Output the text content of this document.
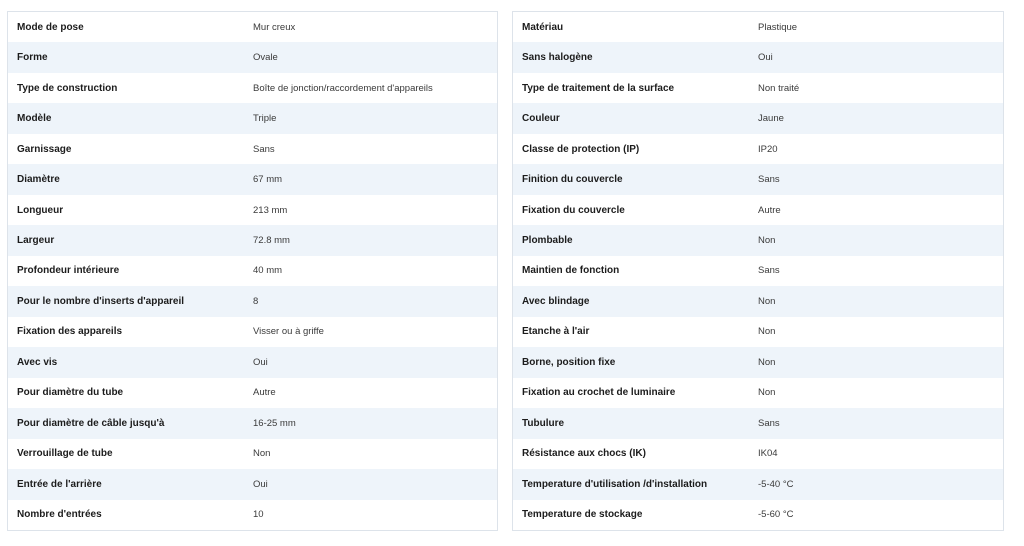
Mode de pose	Mur creux
Forme	Ovale
Type de construction	Boîte de jonction/raccordement d'appareils
Modèle	Triple
Garnissage	Sans
Diamètre	67 mm
Longueur	213 mm
Largeur	72.8 mm
Profondeur intérieure	40 mm
Pour le nombre d'inserts d'appareil	8
Fixation des appareils	Visser ou à griffe
Avec vis	Oui
Pour diamètre du tube	Autre
Pour diamètre de câble jusqu'à	16-25 mm
Verrouillage de tube	Non
Entrée de l'arrière	Oui
Nombre d'entrées	10
Matériau	Plastique
Sans halogène	Oui
Type de traitement de la surface	Non traité
Couleur	Jaune
Classe de protection (IP)	IP20
Finition du couvercle	Sans
Fixation du couvercle	Autre
Plombable	Non
Maintien de fonction	Sans
Avec blindage	Non
Etanche à l'air	Non
Borne, position fixe	Non
Fixation au crochet de luminaire	Non
Tubulure	Sans
Résistance aux chocs (IK)	IK04
Temperature d'utilisation /d'installation	-5-40 °C
Temperature de stockage	-5-60 °C
